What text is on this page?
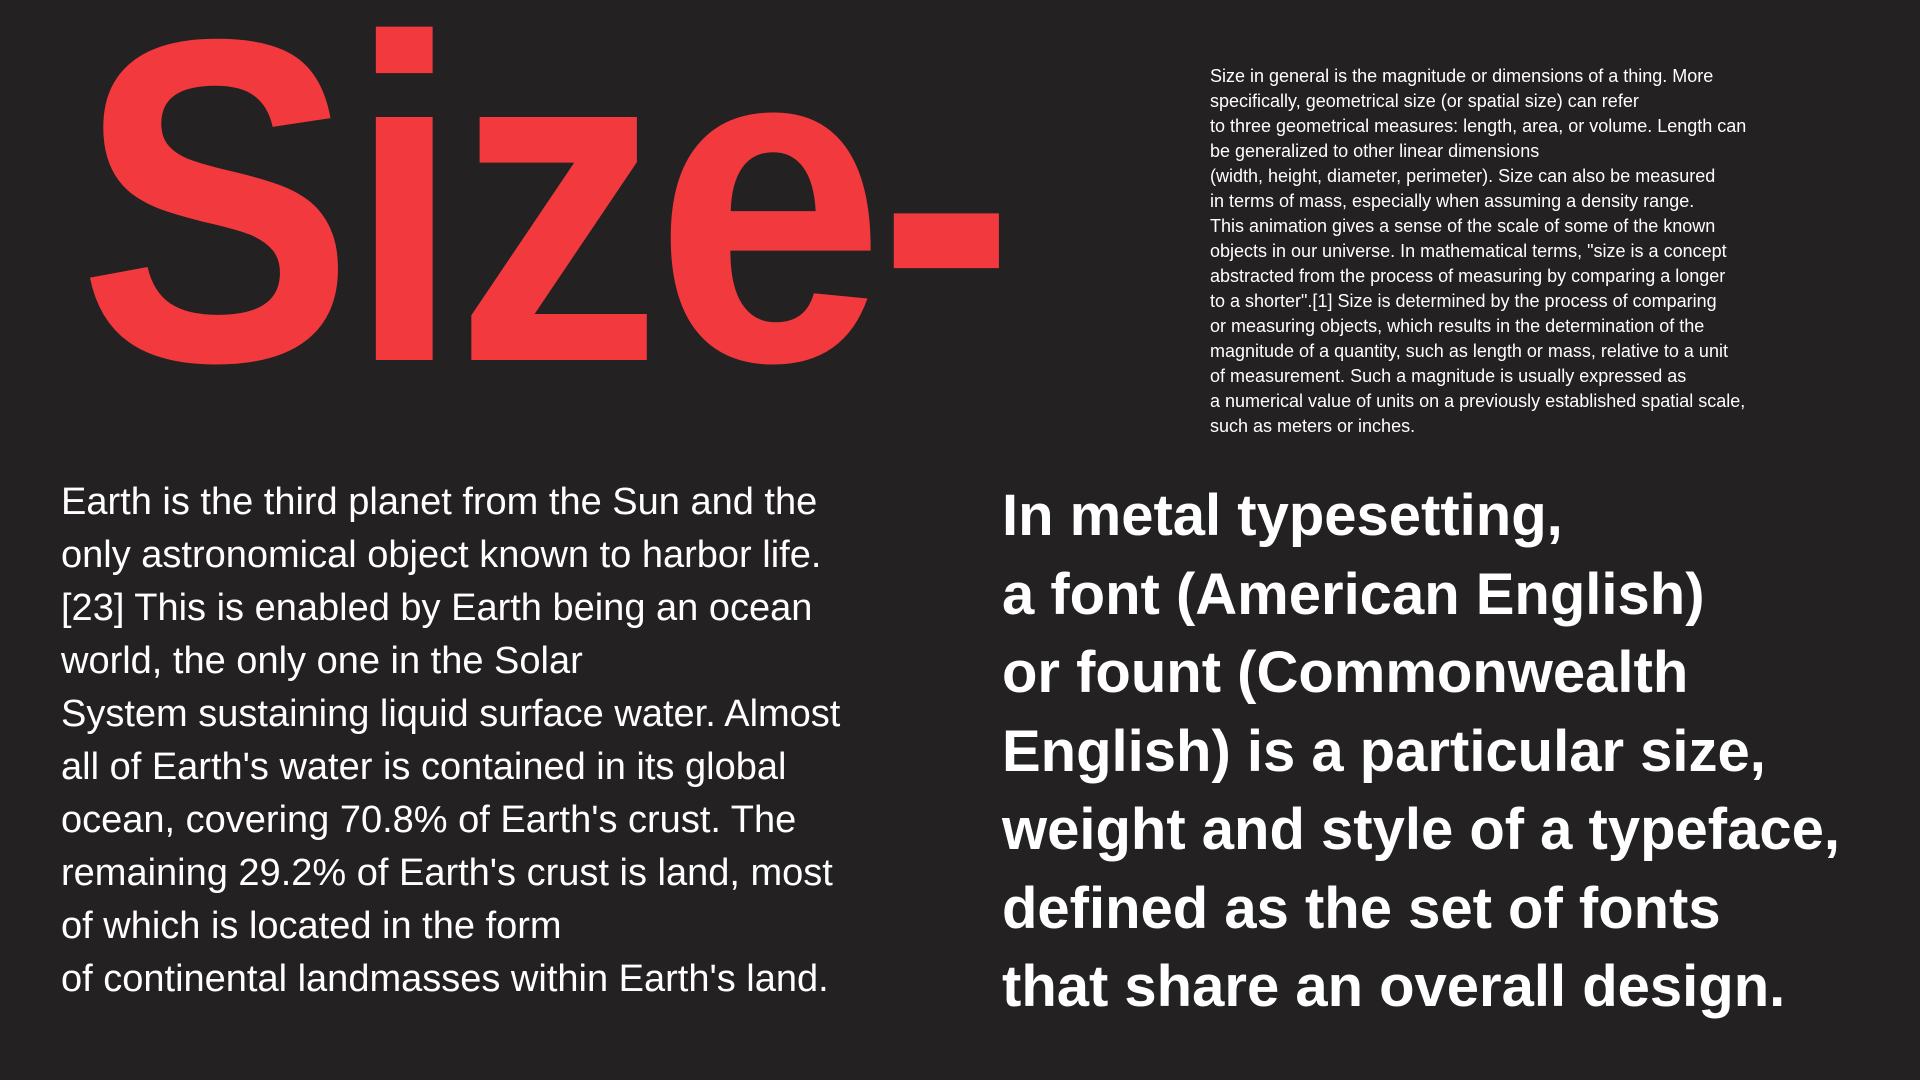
Size-	Size in general is the magnitude or dimensions of a thing. More
specifically, geometrical size (or spatial size) can refer
to three geometrical measures: length, area, or volume. Length can
be generalized to other linear dimensions
(width, height, diameter, perimeter). Size can also be measured
in terms of mass, especially when assuming a density range.
This animation gives a sense of the scale of some of the known
objects in our universe. In mathematical terms, "size is a concept
abstracted from the process of measuring by comparing a longer
to a shorter".[1] Size is determined by the process of comparing
or measuring objects, which results in the determination of the
magnitude of a quantity, such as length or mass, relative to a unit
of measurement. Such a magnitude is usually expressed as
a numerical value of units on a previously established spatial scale,
such as meters or inches.

Earth is the third planet from the Sun and the
only astronomical object known to harbor life.
[23] This is enabled by Earth being an ocean
world, the only one in the Solar
System sustaining liquid surface water. Almost
all of Earth's water is contained in its global
ocean, covering 70.8% of Earth's crust. The
remaining 29.2% of Earth's crust is land, most
of which is located in the form
of continental landmasses within Earth's land.

In metal typesetting,
a font (American English)
or fount (Commonwealth
English) is a particular size,
weight and style of a typeface,
defined as the set of fonts
that share an overall design.
